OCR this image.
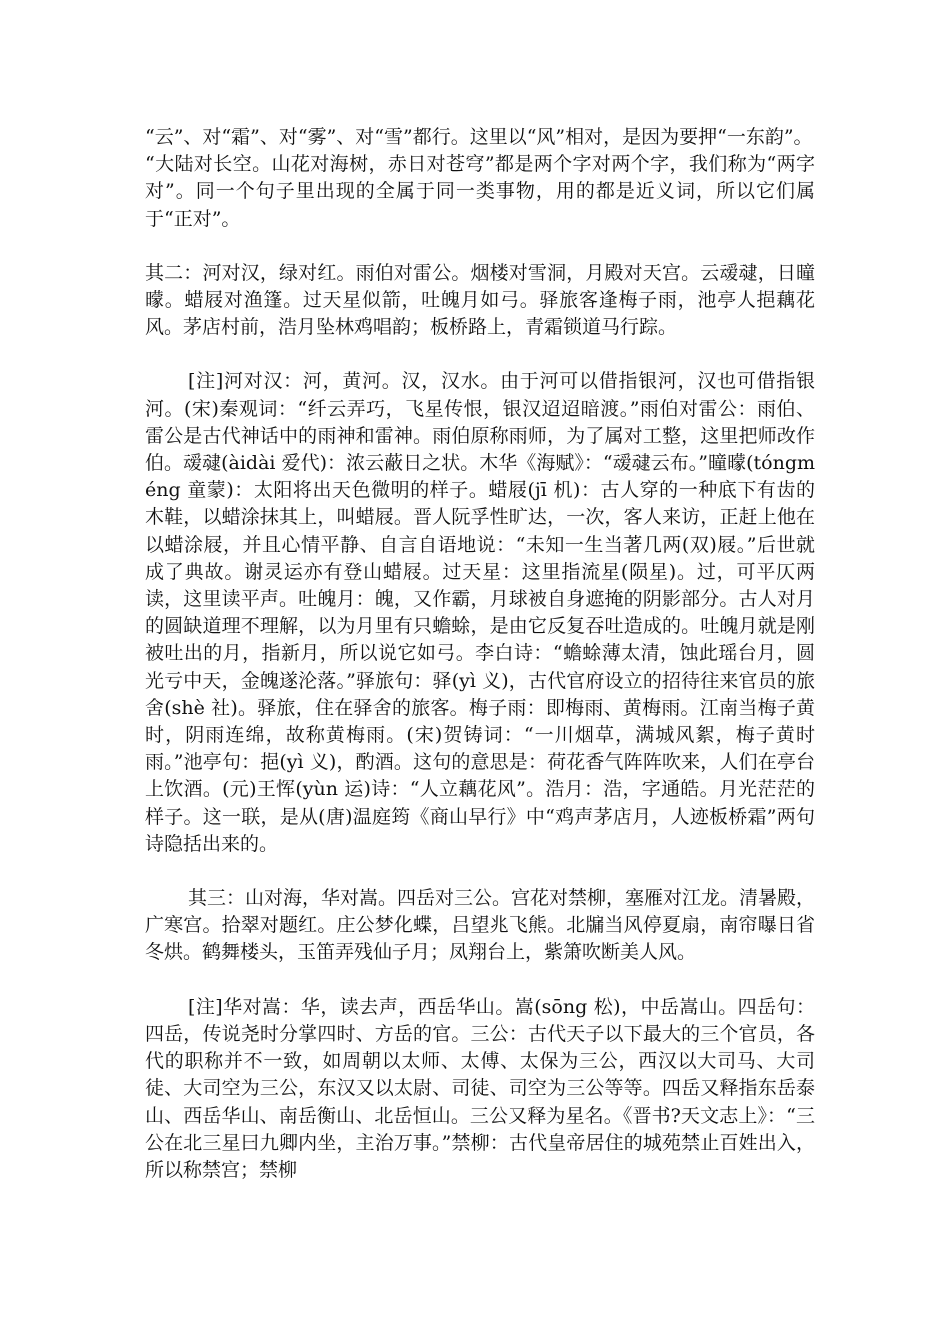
“云”、对“霜”、对“雾”、对“雪”都行。这里以“风”相对，是因为要押“一东韵”。

“大陆对长空。山花对海树，赤日对苍穹”都是两个字对两个字，我们称为“两字对”。同一个句子里出现的全属于同一类事物，用的都是近义词，所以它们属于“正对”。

其二：河对汉，绿对红。雨伯对雷公。烟楼对雪洞，月殿对天宫。云叆叇，日曈曚。蜡屐对渔篷。过天星似箭，吐魄月如弓。驿旅客逢梅子雨，池亭人挹藕花风。茅店村前，浩月坠林鸡唱韵；板桥路上，青霜锁道马行踪。

[注]河对汉：河，黄河。汉，汉水。由于河可以借指银河，汉也可借指银河。(宋)秦观词：“纤云弄巧，飞星传恨，银汉迢迢暗渡。”雨伯对雷公：雨伯、雷公是古代神话中的雨神和雷神。雨伯原称雨师，为了属对工整，这里把师改作伯。叆叇(àidài 爱代)：浓云蔽日之状。木华《海赋》：“叆叇云布。”曈曚(tóngméng 童蒙)：太阳将出天色微明的样子。蜡屐(jī 机)：古人穿的一种底下有齿的木鞋，以蜡涂抹其上，叫蜡屐。晋人阮孚性旷达，一次，客人来访，正赶上他在以蜡涂屐，并且心情平静、自言自语地说：“未知一生当著几两(双)屐。”后世就成了典故。谢灵运亦有登山蜡屐。过天星：这里指流星(陨星)。过，可平仄两读，这里读平声。吐魄月：魄，又作霸，月球被自身遮掩的阴影部分。古人对月的圆缺道理不理解，以为月里有只蟾蜍，是由它反复吞吐造成的。吐魄月就是刚被吐出的月，指新月，所以说它如弓。李白诗：“蟾蜍薄太清，蚀此瑶台月，圆光亏中天，金魄遂沦落。”驿旅句：驿(yì 义)，古代官府设立的招待往来官员的旅舍(shè 社)。驿旅，住在驿舍的旅客。梅子雨：即梅雨、黄梅雨。江南当梅子黄时，阴雨连绵，故称黄梅雨。(宋)贺铸词：“一川烟草，满城风絮，梅子黄时雨。”池亭句：挹(yì 义)，酌酒。这句的意思是：荷花香气阵阵吹来，人们在亭台上饮酒。(元)王恽(yùn 运)诗：“人立藕花风”。浩月：浩，字通皓。月光茫茫的样子。这一联，是从(唐)温庭筠《商山早行》中“鸡声茅店月，人迹板桥霜”两句诗隐括出来的。

其三：山对海，华对嵩。四岳对三公。宫花对禁柳，塞雁对江龙。清暑殿，广寒宫。拾翠对题红。庄公梦化蝶，吕望兆飞熊。北牖当风停夏扇，南帘曝日省冬烘。鹤舞楼头，玉笛弄残仙子月；凤翔台上，紫箫吹断美人风。

[注]华对嵩：华，读去声，西岳华山。嵩(sōng 松)，中岳嵩山。四岳句：四岳，传说尧时分掌四时、方岳的官。三公：古代天子以下最大的三个官员，各代的职称并不一致，如周朝以太师、太傅、太保为三公，西汉以大司马、大司徒、大司空为三公，东汉又以太尉、司徒、司空为三公等等。四岳又释指东岳泰山、西岳华山、南岳衡山、北岳恒山。三公又释为星名。《晋书?天文志上》：“三公在北三星曰九卿内坐，主治万事。”禁柳：古代皇帝居住的城苑禁止百姓出入，所以称禁宫；禁柳
